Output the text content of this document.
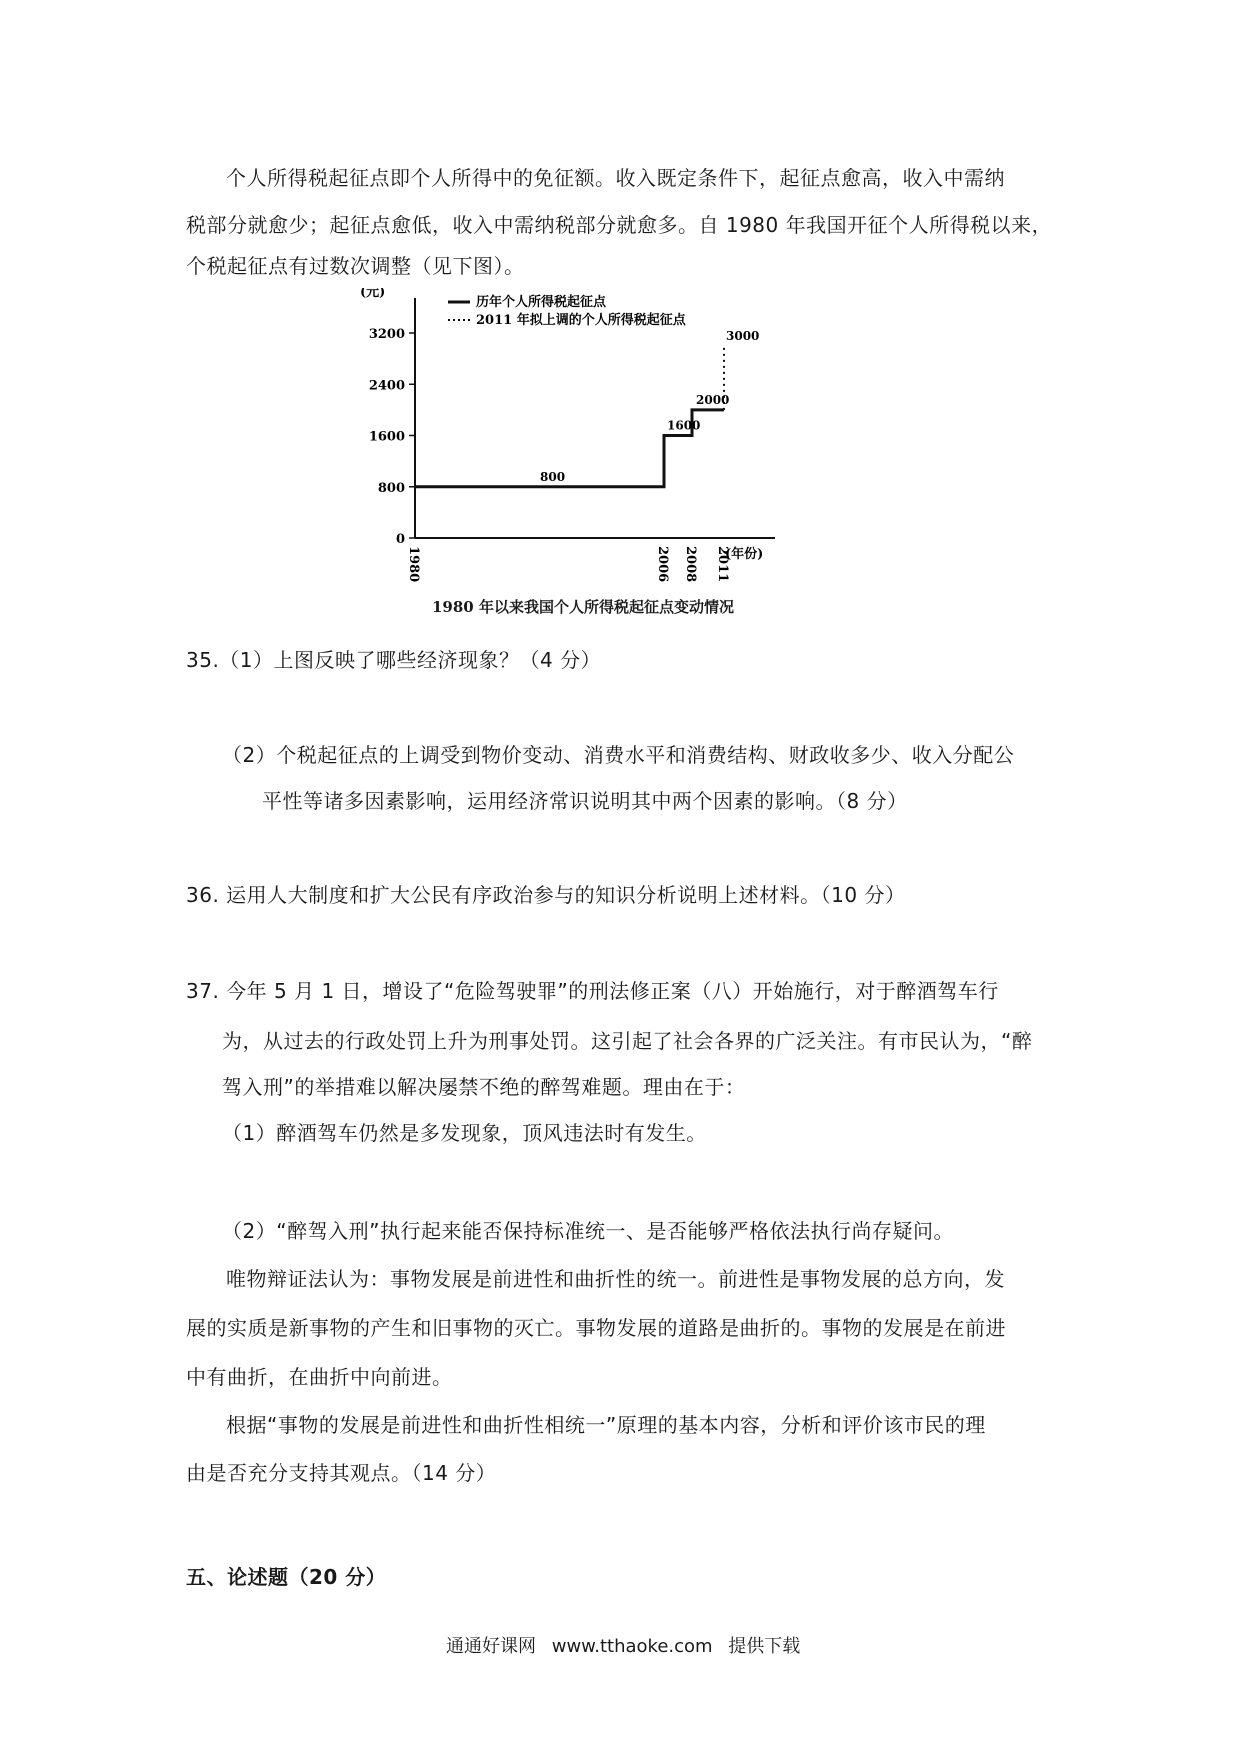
个人所得税起征点即个人所得中的免征额。收入既定条件下，起征点愈高，收入中需纳
税部分就愈少；起征点愈低，收入中需纳税部分就愈多。自 1980 年我国开征个人所得税以来，
个税起征点有过数次调整（见下图）。
(元)
0
800
1600
2400
3200
1980	2006 2008 2011
(年份)
历年个人所得税起征点
2011 年拟上调的个人所得税起征点
800
1600
2000
3000
1980 年以来我国个人所得税起征点变动情况
35.（1）上图反映了哪些经济现象？（4 分）
（2）个税起征点的上调受到物价变动、消费水平和消费结构、财政收多少、收入分配公
平性等诸多因素影响，运用经济常识说明其中两个因素的影响。（8 分）
36. 运用人大制度和扩大公民有序政治参与的知识分析说明上述材料。（10 分）
37. 今年 5 月 1 日，增设了“危险驾驶罪”的刑法修正案（八）开始施行，对于醉酒驾车行
为，从过去的行政处罚上升为刑事处罚。这引起了社会各界的广泛关注。有市民认为，“醉
驾入刑”的举措难以解决屡禁不绝的醉驾难题。理由在于：
（1）醉酒驾车仍然是多发现象，顶风违法时有发生。
（2）“醉驾入刑”执行起来能否保持标准统一、是否能够严格依法执行尚存疑问。
唯物辩证法认为：事物发展是前进性和曲折性的统一。前进性是事物发展的总方向，发
展的实质是新事物的产生和旧事物的灭亡。事物发展的道路是曲折的。事物的发展是在前进
中有曲折，在曲折中向前进。
根据“事物的发展是前进性和曲折性相统一”原理的基本内容，分析和评价该市民的理
由是否充分支持其观点。（14 分）
五、论述题（20 分）
通通好课网 www.tthaoke.com 提供下载
